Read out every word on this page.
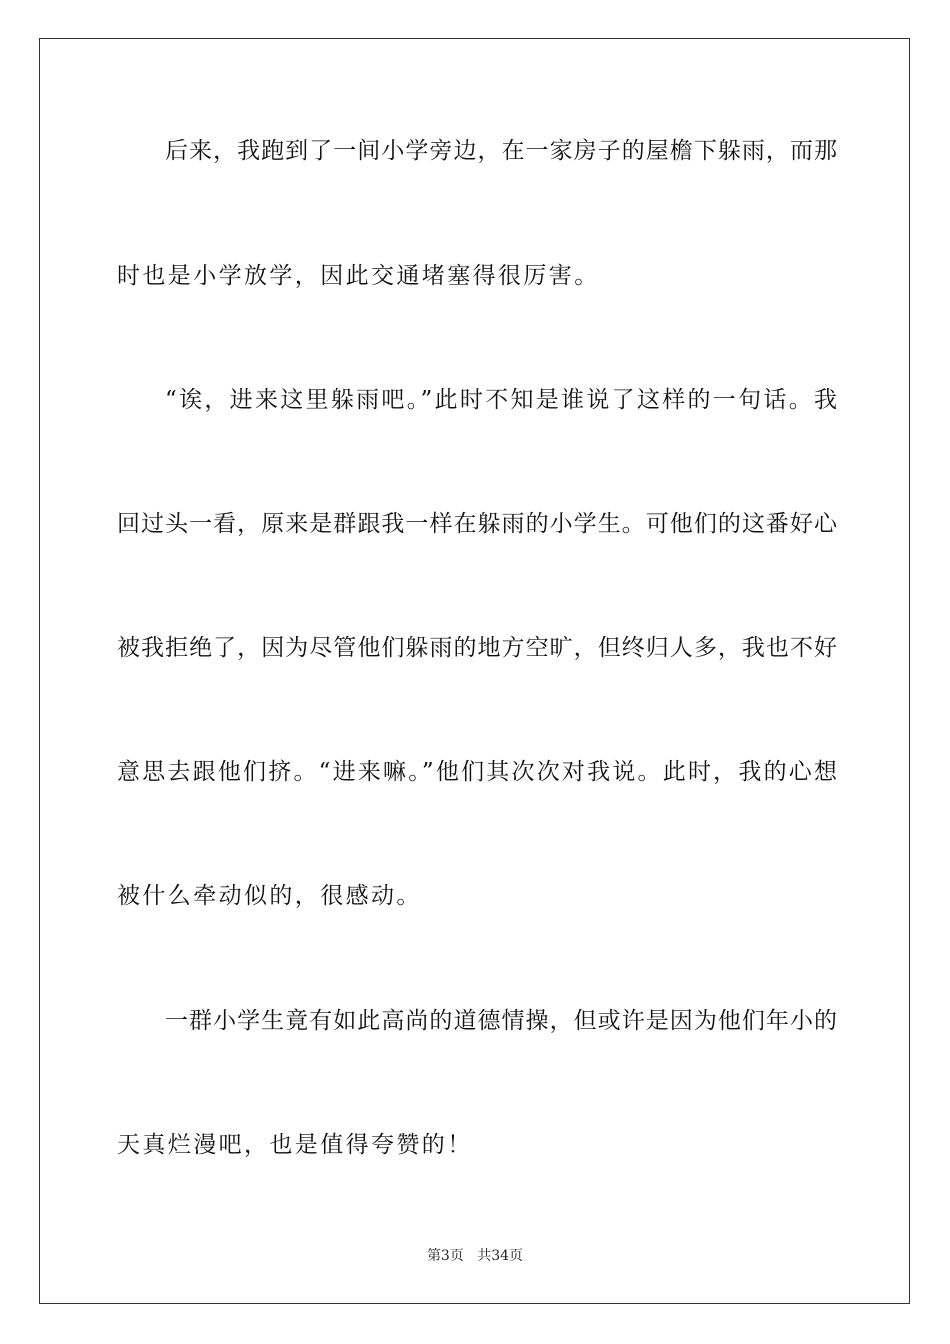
后来，我跑到了一间小学旁边，在一家房子的屋檐下躲雨，而那
时也是小学放学，因此交通堵塞得很厉害。
“诶，进来这里躲雨吧。”此时不知是谁说了这样的一句话。我
回过头一看，原来是群跟我一样在躲雨的小学生。可他们的这番好心
被我拒绝了，因为尽管他们躲雨的地方空旷，但终归人多，我也不好
意思去跟他们挤。“进来嘛。”他们其次次对我说。此时，我的心想
被什么牵动似的，很感动。
一群小学生竟有如此高尚的道德情操，但或许是因为他们年小的
天真烂漫吧，也是值得夸赞的！
第3页 共34页
